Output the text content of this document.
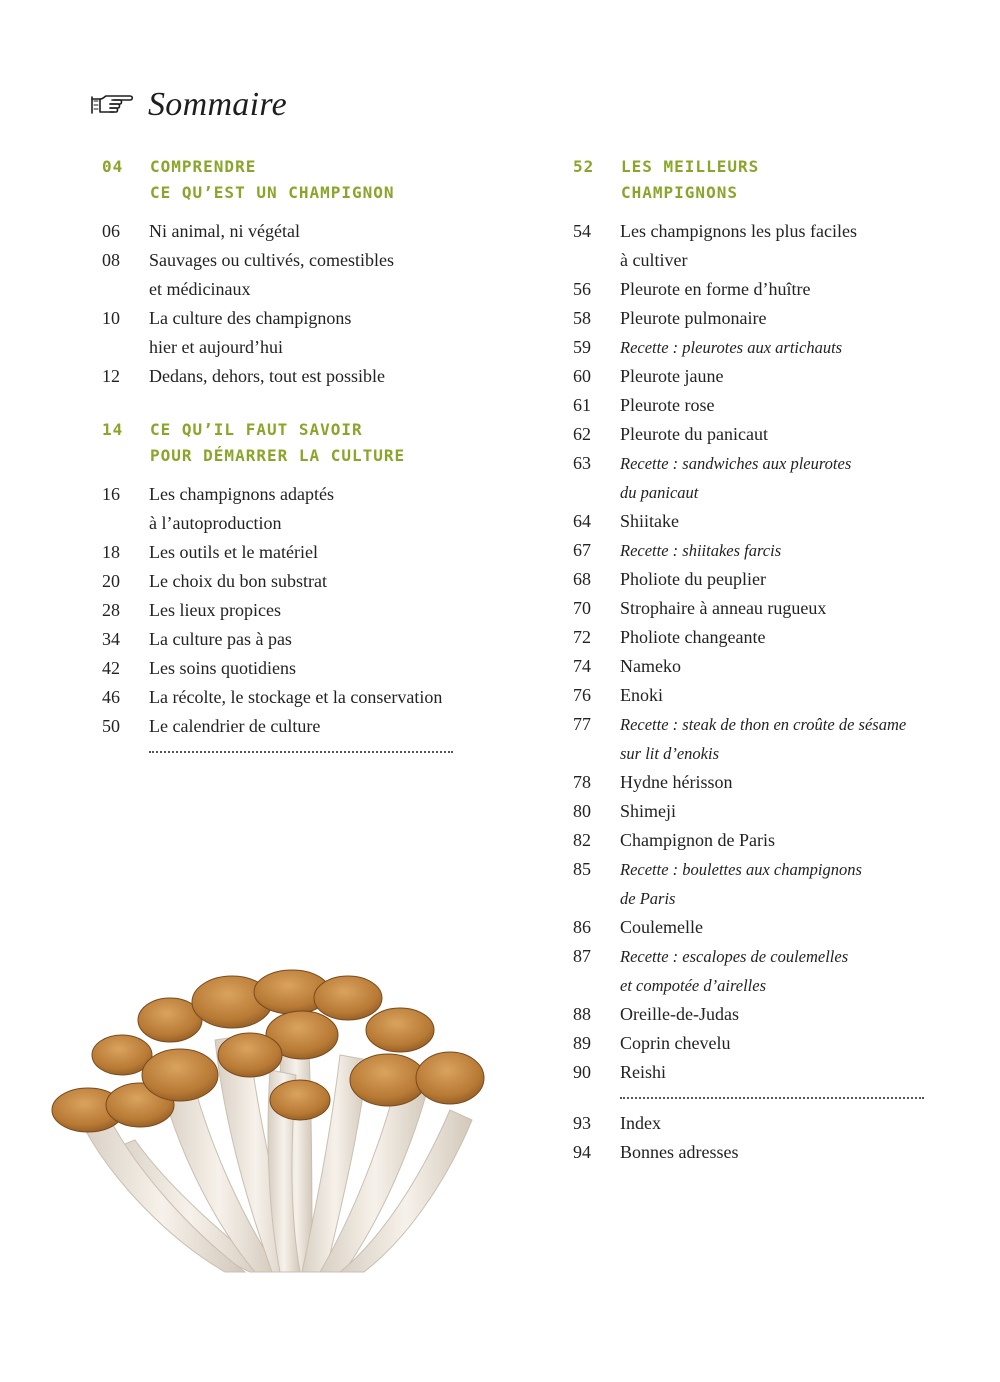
Sommaire
04	COMPRENDRE
CE QU’EST UN CHAMPIGNON
06	Ni animal, ni végétal
08	Sauvages ou cultivés, comestibles
et médicinaux
10	La culture des champignons
hier et aujourd’hui
12	Dedans, dehors, tout est possible
14	CE QU’IL FAUT SAVOIR
POUR DÉMARRER LA CULTURE
16	Les champignons adaptés
à l’autoproduction
18	Les outils et le matériel
20	Le choix du bon substrat
28	Les lieux propices
34	La culture pas à pas
42	Les soins quotidiens
46	La récolte, le stockage et la conservation
50	Le calendrier de culture
52	LES MEILLEURS
CHAMPIGNONS
54	Les champignons les plus faciles
à cultiver
56	Pleurote en forme d’huître
58	Pleurote pulmonaire
59	Recette : pleurotes aux artichauts
60	Pleurote jaune
61	Pleurote rose
62	Pleurote du panicaut
63	Recette : sandwiches aux pleurotes
du panicaut
64	Shiitake
67	Recette : shiitakes farcis
68	Pholiote du peuplier
70	Strophaire à anneau rugueux
72	Pholiote changeante
74	Nameko
76	Enoki
77	Recette : steak de thon en croûte de sésame
sur lit d’enokis
78	Hydne hérisson
80	Shimeji
82	Champignon de Paris
85	Recette : boulettes aux champignons
de Paris
86	Coulemelle
87	Recette : escalopes de coulemelles
et compotée d’airelles
88	Oreille-de-Judas
89	Coprin chevelu
90	Reishi
93	Index
94	Bonnes adresses
